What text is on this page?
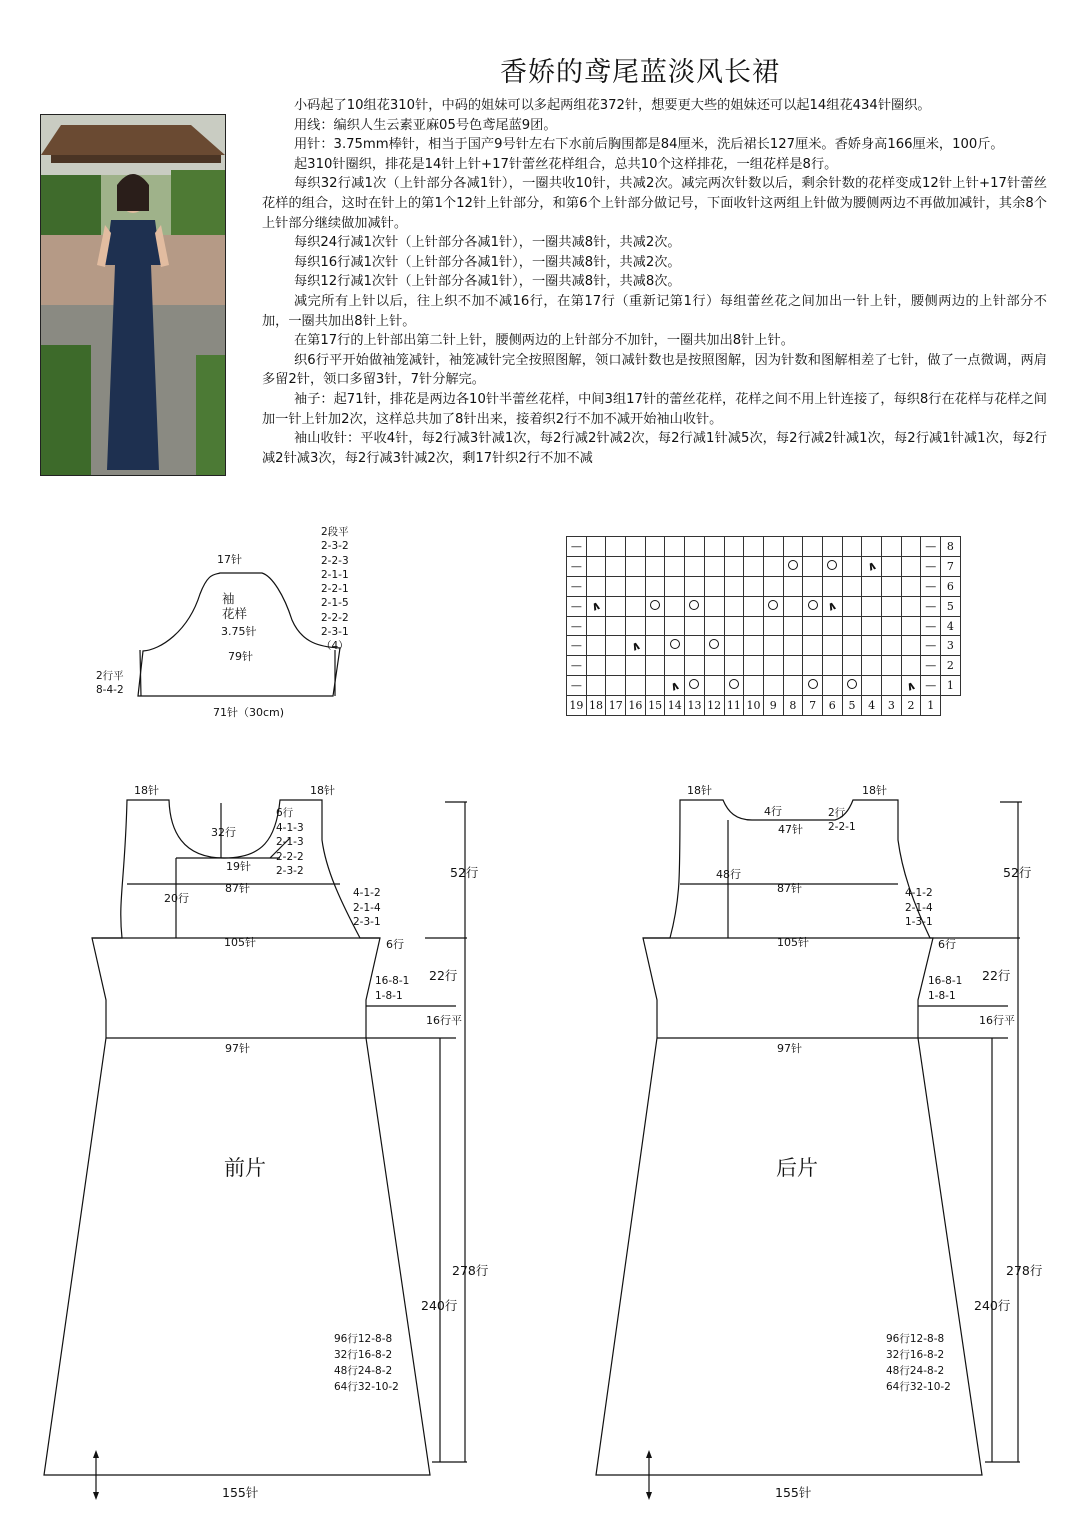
香娇的鸢尾蓝淡风长裙

小码起了10组花310针，中码的姐妹可以多起两组花372针，想要更大些的姐妹还可以起14组花434针圈织。

用线：编织人生云素亚麻05号色鸢尾蓝9团。

用针：3.75mm棒针，相当于国产9号针左右下水前后胸围都是84厘米，洗后裙长127厘米。香娇身高166厘米，100斤。

起310针圈织，排花是14针上针+17针蕾丝花样组合，总共10个这样排花，一组花样是8行。

每织32行减1次（上针部分各减1针），一圈共收10针，共减2次。减完两次针数以后，剩余针数的花样变成12针上针+17针蕾丝花样的组合，这时在针上的第1个12针上针部分，和第6个上针部分做记号，下面收针这两组上针做为腰侧两边不再做加减针，其余8个上针部分继续做加减针。

每织24行减1次针（上针部分各减1针），一圈共减8针，共减2次。

每织16行减1次针（上针部分各减1针），一圈共减8针，共减2次。

每织12行减1次针（上针部分各减1针），一圈共减8针，共减8次。

减完所有上针以后，往上织不加不减16行，在第17行（重新记第1行）每组蕾丝花之间加出一针上针，腰侧两边的上针部分不加，一圈共加出8针上针。

在第17行的上针部出第二针上针，腰侧两边的上针部分不加针，一圈共加出8针上针。

织6行平开始做袖笼减针，袖笼减针完全按照图解，领口减针数也是按照图解，因为针数和图解相差了七针，做了一点微调，两肩多留2针，领口多留3针，7针分解完。

袖子：起71针，排花是两边各10针半蕾丝花样，中间3组17针的蕾丝花样，花样之间不用上针连接了，每织8行在花样与花样之间加一针上针加2次，这样总共加了8针出来，接着织2行不加不减开始袖山收针。

袖山收针：平收4针，每2行减3针减1次，每2行减2针减2次，每2行减1针减5次，每2行减2针减1次，每2行减1针减1次，每2行减2针减3次，每2行减3针减2次，剩17针织2行不加不减

17针
袖
花样
3.75针
79针
71针（30cm)
2行平
8-4-2
2段平
2-3-2
2-2-3
2-1-1
2-2-1
2-1-5
2-2-2
2-3-1
（4）
—																		—	8
—															∧			—	7
—																		—	6
—	∧												∧					—	5
—																		—	4
—			∧															—	3
—																		—	2
—					∧												∧	—	1
19	18	17	16	15	14	13	12	11	10	9	8	7	6	5	4	3	2	1	
18针	18针
32行
6行
4-1-3
2-1-3
2-2-2
2-3-2
19针
87针
20行	4-1-2
2-1-4
2-3-1
105针	6行
52行
22行
16-8-1
1-8-1
16行平
97针
前片
278行
240行
96行12-8-8
32行16-8-2
48行24-8-2
64行32-10-2
155针
18针	18针
4行	2行
2-2-1
47针
48行
87针	4-1-2
2-1-4
1-3-1
105针	6行
52行
22行
16-8-1
1-8-1
16行平
97针
后片
278行
240行
96行12-8-8
32行16-8-2
48行24-8-2
64行32-10-2
155针
